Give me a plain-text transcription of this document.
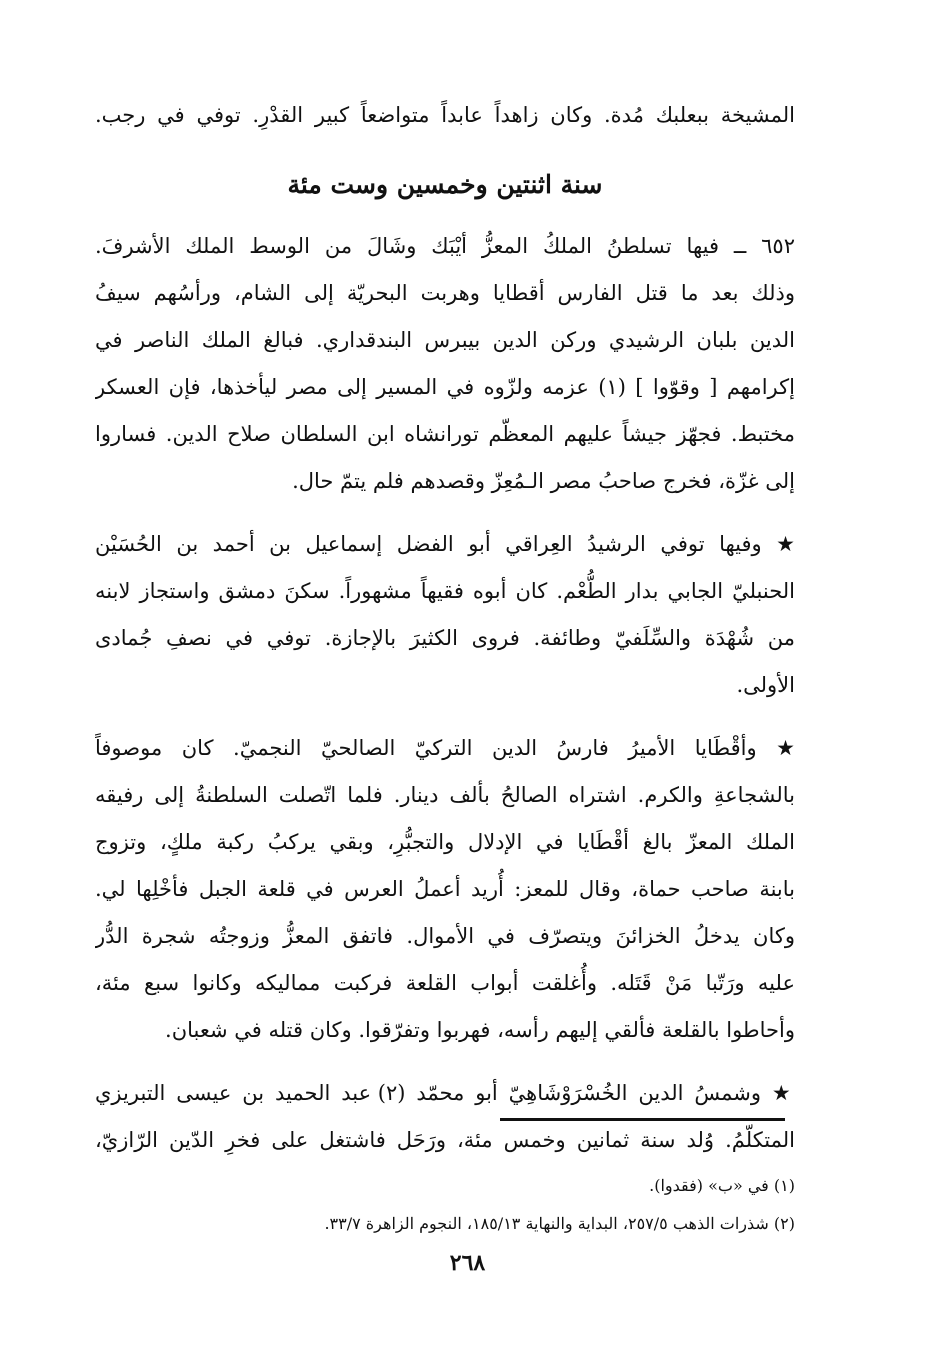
المشيخة ببعلبك مُدة. وكان زاهداً عابداً متواضعاً كبير القدْرِ. توفي في رجب.

سنة اثنتين وخمسين وست مئة

٦٥٢ ــ فيها تسلطنُ الملكُ المعزُّ أيْبَك وشَالَ من الوسط الملك الأشرفَ.

وذلك بعد ما قتل الفارس أقطايا وهربت البحريّة إلى الشام، ورأسُهم سيفُ

الدين بلبان الرشيدي وركن الدين بيبرس البندقداري. فبالغ الملك الناصر في

إكرامهم [ وقوّوا ] (١) عزمه ولزّوه في المسير إلى مصر ليأخذها، فإن العسكر

مختبط. فجهّز جيشاً عليهم المعظّم تورانشاه ابن السلطان صلاح الدين. فساروا

إلى غزّة، فخرج صاحبُ مصر الـمُعِزّ وقصدهم فلم يتمّ حال.

★ وفيها توفي الرشيدُ العِراقي أبو الفضل إسماعيل بن أحمد بن الحُسَيْن

الحنبليّ الجابي بدار الطُّعْم. كان أبوه فقيهاً مشهوراً. سكنَ دمشق واستجاز لابنه

من شُهْدَة والسِّلَفيّ وطائفة. فروى الكثيرَ بالإجازة. توفي في نصفِ جُمادى

الأولى.

★ وأقْطَايا الأميرُ فارسُ الدين التركيّ الصالحيّ النجميّ. كان موصوفاً

بالشجاعةِ والكرم. اشتراه الصالحُ بألف دينار. فلما اتّصلت السلطنةُ إلى رفيقه

الملك المعزّ بالغ أقْطَايا في الإدلال والتجبُّرِ، وبقي يركبُ ركبة ملكٍ، وتزوج

بابنة صاحب حماة، وقال للمعز: أُريد أعملُ العرس في قلعة الجبل فأخْلِها لي.

وكان يدخلُ الخزائنَ ويتصرّف في الأموال. فاتفق المعزُّ وزوجتُه شجرة الدُّر

عليه ورَتّبا مَنْ قَتَله. وأُغلقت أبواب القلعة فركبت مماليكه وكانوا سبع مئة،

وأحاطوا بالقلعة فألقي إليهم رأسه، فهربوا وتفرّقوا. وكان قتله في شعبان.

★ وشمسُ الدين الخُسْرَوْشَاهِيّ أبو محمّد (٢) عبد الحميد بن عيسى التبريزي

المتكلّمُ. وُلد سنة ثمانين وخمس مئة، ورَحَل فاشتغل على فخرِ الدّين الرّازيّ،

(١) في «ب» (فقدوا).

(٢) شذرات الذهب ٢٥٧/٥، البداية والنهاية ١٨٥/١٣، النجوم الزاهرة ٣٣/٧.

٢٦٨
